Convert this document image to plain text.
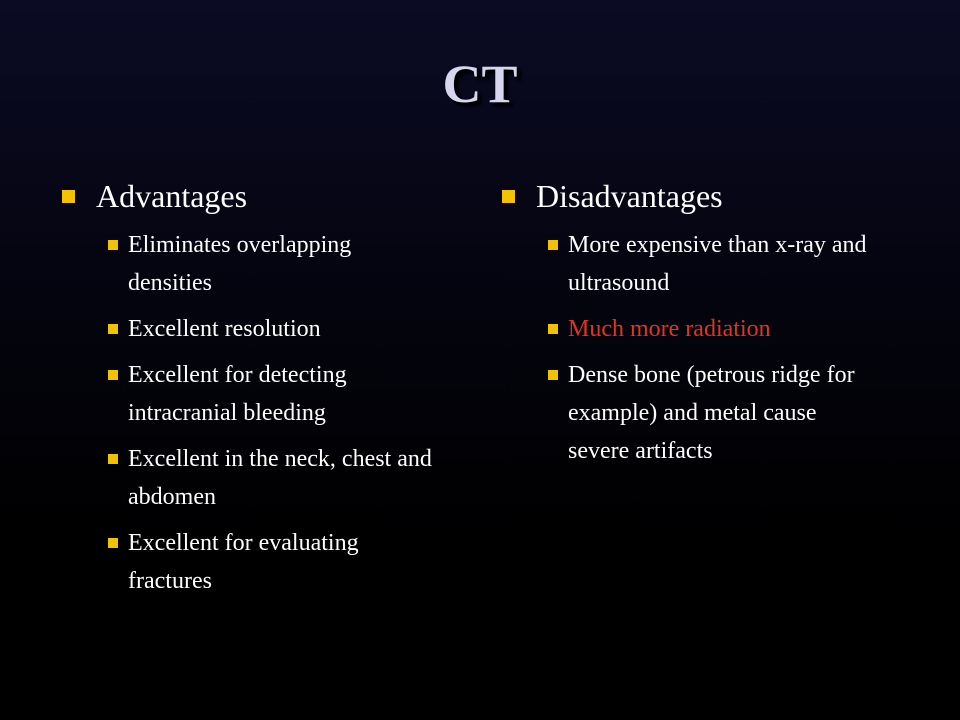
CT
Advantages
Eliminates overlapping densities
Excellent resolution
Excellent for detecting intracranial bleeding
Excellent in the neck, chest and abdomen
Excellent for evaluating fractures
Disadvantages
More expensive than x-ray and ultrasound
Much more radiation
Dense bone (petrous ridge for example) and metal cause severe artifacts
